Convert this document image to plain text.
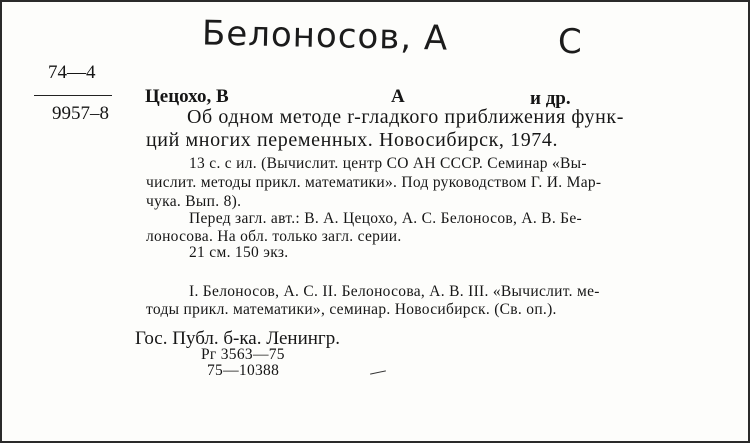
Белоносов, А	С
74—4
9957–8
Цецохо, В	А	и др.
Об одном методе r-гладкого приближения функ-
ций многих переменных. Новосибирск, 1974.
13 с. с ил. (Вычислит. центр СО АН СССР. Семинар «Вы-
числит. методы прикл. математики». Под руководством Г. И. Мар-
чука. Вып. 8).
Перед загл. авт.: В. А. Цецохо, А. С. Белоносов, А. В. Бе-
лоносова. На обл. только загл. серии.
21 см. 150 экз.
I. Белоносов, А. С. II. Белоносова, А. В. III. «Вычислит. ме-
тоды прикл. математики», семинар. Новосибирск. (Св. оп.).
Гос. Публ. б-ка. Ленингр.
Рг 3563—75
75—10388
